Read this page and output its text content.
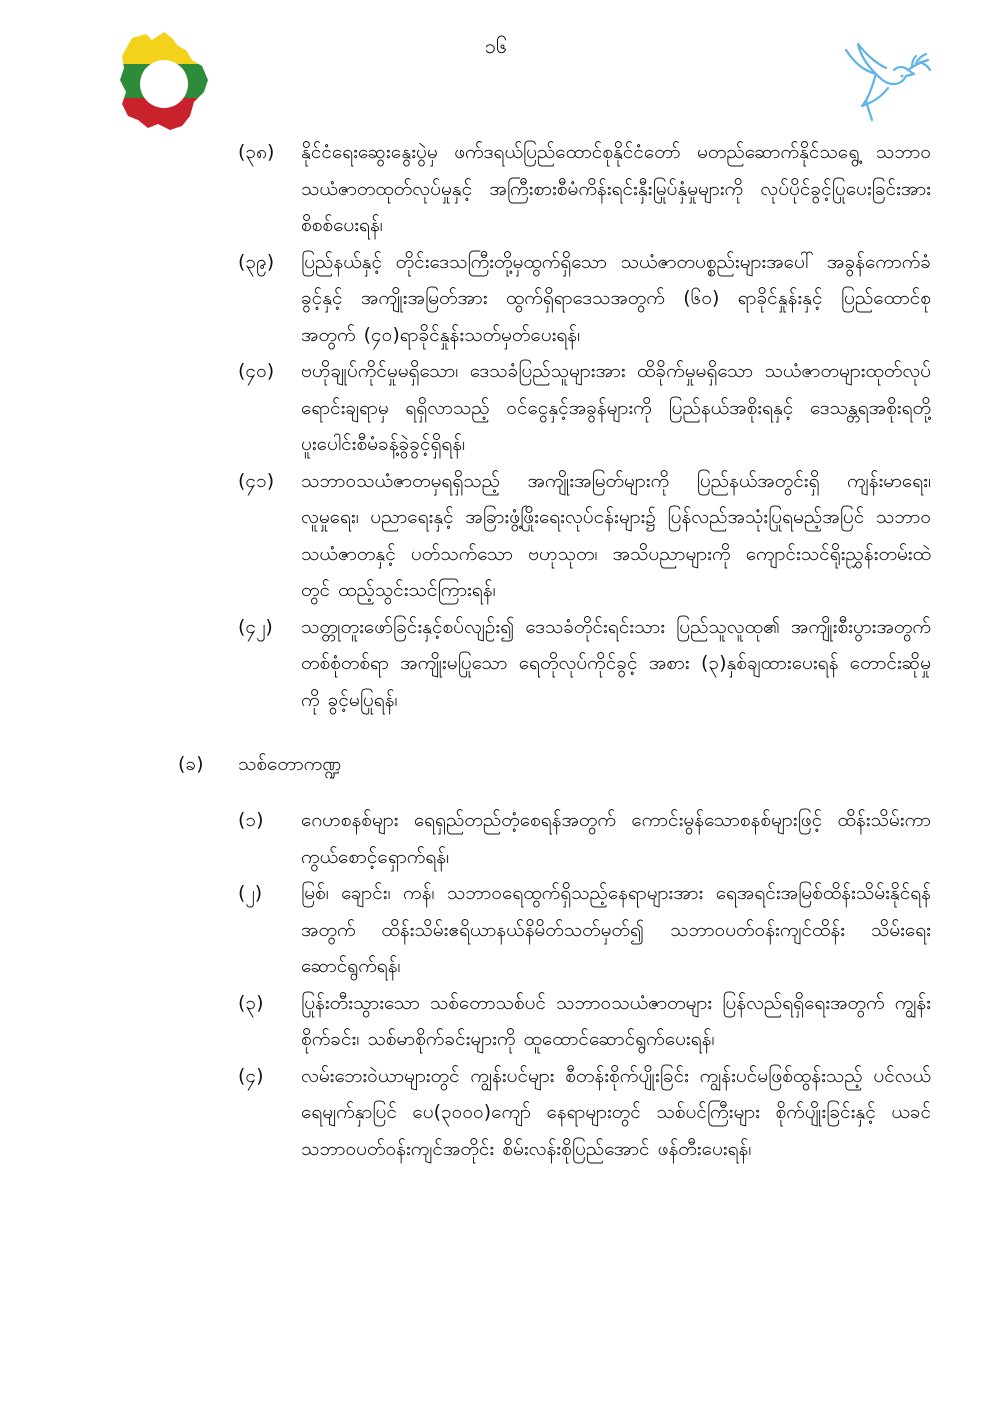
၁၆
(၃၈) နိုင်ငံရေးဆွေးနွေးပွဲမှ ဖက်ဒရယ်ပြည်ထောင်စုနိုင်ငံတော် မတည်ဆောက်နိုင်သရွေ့ သဘာဝသယံဇာတထုတ်လုပ်မှုနှင့် အကြီးစားစီမံကိန်းရင်းနှီးမြုပ်နှံမှုများကို လုပ်ပိုင်ခွင့်ပြုပေးခြင်းအား စိစစ်ပေးရန်၊
(၃၉) ပြည်နယ်နှင့် တိုင်းဒေသကြီးတို့မှထွက်ရှိသော သယံဇာတပစ္စည်းများအပေါ် အခွန်ကောက်ခံခွင့်နှင့် အကျိုးအမြတ်အား ထွက်ရှိရာဒေသအတွက် (၆၀) ရာခိုင်နှုန်းနှင့် ပြည်ထောင်စုအတွက် (၄၀)ရာခိုင်နှုန်းသတ်မှတ်ပေးရန်၊
(၄၀) ဗဟိုချုပ်ကိုင်မှုမရှိသော၊ ဒေသခံပြည်သူများအား ထိခိုက်မှုမရှိသော သယံဇာတများထုတ်လုပ်ရောင်းချရာမှ ရရှိလာသည့် ဝင်ငွေနှင့်အခွန်များကို ပြည်နယ်အစိုးရနှင့် ဒေသန္တရအစိုးရတို့ ပူးပေါင်းစီမံခန့်ခွဲခွင့်ရှိရန်၊
(၄၁) သဘာဝသယံဇာတမှရရှိသည့် အကျိုးအမြတ်များကို ပြည်နယ်အတွင်းရှိ ကျန်းမာရေး၊ လူမှုရေး၊ ပညာရေးနှင့် အခြားဖွံ့ဖြိုးရေးလုပ်ငန်းများ၌ ပြန်လည်အသုံးပြုရမည့်အပြင် သဘာဝသယံဇာတနှင့် ပတ်သက်သော ဗဟုသုတ၊ အသိပညာများကို ကျောင်းသင်ရိုးညွှန်းတမ်းထဲတွင် ထည့်သွင်းသင်ကြားရန်၊
(၄၂) သတ္တုတူးဖော်ခြင်းနှင့်စပ်လျဉ်း၍ ဒေသခံတိုင်းရင်းသား ပြည်သူလူထု၏ အကျိုးစီးပွားအတွက် တစ်စုံတစ်ရာ အကျိုးမပြုသော ရေတိုလုပ်ကိုင်ခွင့် အစား (၃)နှစ်ချထားပေးရန် တောင်းဆိုမှုကို ခွင့်မပြုရန်၊
(ခ) သစ်တောကဏ္ဍ
(၁) ဂေဟစနစ်များ ရေရှည်တည်တံ့စေရန်အတွက် ကောင်းမွန်သောစနစ်များဖြင့် ထိန်းသိမ်းကာကွယ်စောင့်ရှောက်ရန်၊
(၂) မြစ်၊ ချောင်း၊ ကန်၊ သဘာဝရေထွက်ရှိသည့်နေရာများအား ရေအရင်းအမြစ်ထိန်းသိမ်းနိုင်ရန်အတွက် ထိန်းသိမ်းဧရိယာနယ်နိမိတ်သတ်မှတ်၍ သဘာဝပတ်ဝန်းကျင်ထိန်း သိမ်းရေးဆောင်ရွက်ရန်၊
(၃) ပြုန်းတီးသွားသော သစ်တောသစ်ပင် သဘာဝသယံဇာတများ ပြန်လည်ရရှိရေးအတွက် ကျွန်းစိုက်ခင်း၊ သစ်မာစိုက်ခင်းများကို ထူထောင်ဆောင်ရွက်ပေးရန်၊
(၄) လမ်းဘေးဝဲယာများတွင် ကျွန်းပင်များ စီတန်းစိုက်ပျိုးခြင်း ကျွန်းပင်မဖြစ်ထွန်းသည့် ပင်လယ်ရေမျက်နှာပြင် ပေ(၃၀၀၀)ကျော် နေရာများတွင် သစ်ပင်ကြီးများ စိုက်ပျိုးခြင်းနှင့် ယခင်သဘာဝပတ်ဝန်းကျင်အတိုင်း စိမ်းလန်းစိုပြည်အောင် ဖန်တီးပေးရန်၊
